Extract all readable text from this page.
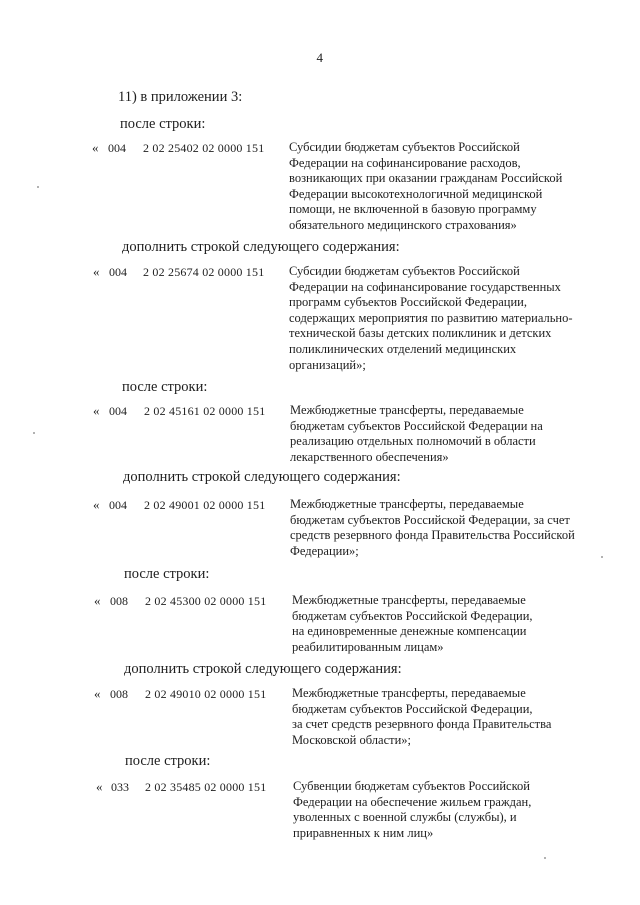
4
11) в приложении 3:
после строки:
« 004 2 02 25402 02 0000 151 Субсидии бюджетам субъектов Российской
Федерации на софинансирование расходов,
возникающих при оказании гражданам Российской
Федерации высокотехнологичной медицинской
помощи, не включенной в базовую программу
обязательного медицинского страхования»
дополнить строкой следующего содержания:
« 004 2 02 25674 02 0000 151 Субсидии бюджетам субъектов Российской
Федерации на софинансирование государственных
программ субъектов Российской Федерации,
содержащих мероприятия по развитию материально-
технической базы детских поликлиник и детских
поликлинических отделений медицинских
организаций»;
после строки:
« 004 2 02 45161 02 0000 151 Межбюджетные трансферты, передаваемые
бюджетам субъектов Российской Федерации на
реализацию отдельных полномочий в области
лекарственного обеспечения»
дополнить строкой следующего содержания:
« 004 2 02 49001 02 0000 151 Межбюджетные трансферты, передаваемые
бюджетам субъектов Российской Федерации, за счет
средств резервного фонда Правительства Российской
Федерации»;
после строки:
« 008 2 02 45300 02 0000 151 Межбюджетные трансферты, передаваемые
бюджетам субъектов Российской Федерации,
на единовременные денежные компенсации
реабилитированным лицам»
дополнить строкой следующего содержания:
« 008 2 02 49010 02 0000 151 Межбюджетные трансферты, передаваемые
бюджетам субъектов Российской Федерации,
за счет средств резервного фонда Правительства
Московской области»;
после строки:
« 033 2 02 35485 02 0000 151 Субвенции бюджетам субъектов Российской
Федерации на обеспечение жильем граждан,
уволенных с военной службы (службы), и
приравненных к ним лиц»
